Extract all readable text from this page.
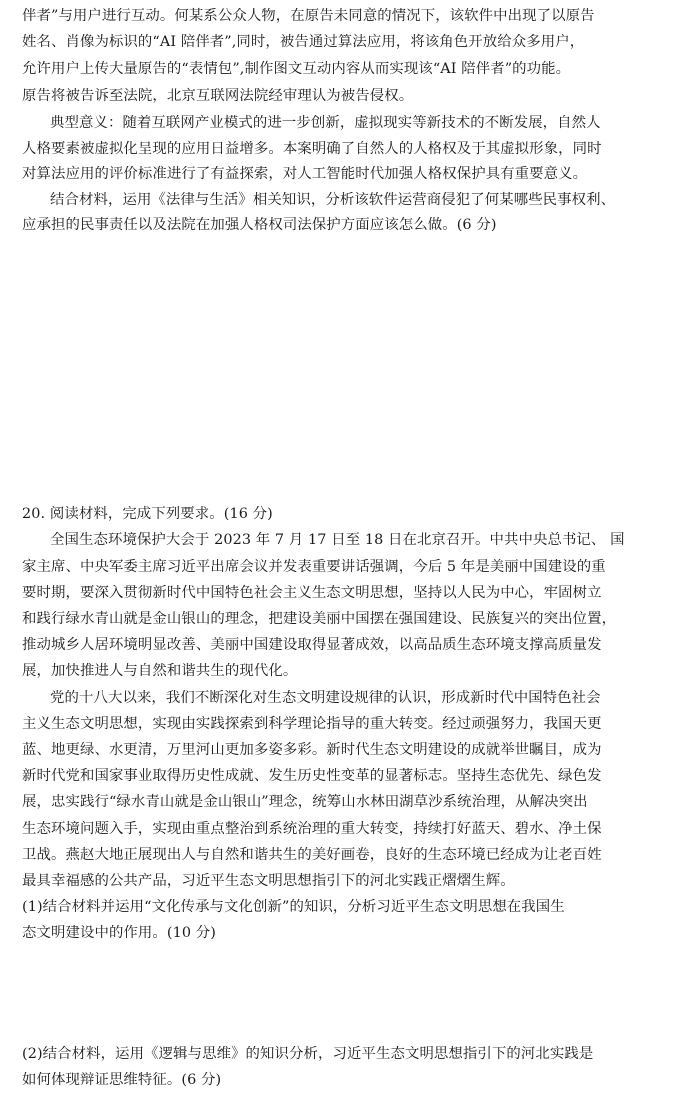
伴者”与用户进行互动。何某系公众人物，在原告未同意的情况下，该软件中出现了以原告
姓名、肖像为标识的“AI 陪伴者”,同时，被告通过算法应用，将该角色开放给众多用户，
允许用户上传大量原告的“表情包”,制作图文互动内容从而实现该“AI 陪伴者”的功能。
原告将被告诉至法院，北京互联网法院经审理认为被告侵权。
典型意义：随着互联网产业模式的进一步创新，虚拟现实等新技术的不断发展，自然人
人格要素被虚拟化呈现的应用日益增多。本案明确了自然人的人格权及于其虚拟形象，同时
对算法应用的评价标准进行了有益探索，对人工智能时代加强人格权保护具有重要意义。
结合材料，运用《法律与生活》相关知识，分析该软件运营商侵犯了何某哪些民事权利、
应承担的民事责任以及法院在加强人格权司法保护方面应该怎么做。(6 分)
20. 阅读材料，完成下列要求。(16 分)
全国生态环境保护大会于 2023 年 7 月 17 日至 18 日在北京召开。中共中央总书记、 国
家主席、中央军委主席习近平出席会议并发表重要讲话强调，今后 5 年是美丽中国建设的重
要时期，要深入贯彻新时代中国特色社会主义生态文明思想，坚持以人民为中心，牢固树立
和践行绿水青山就是金山银山的理念，把建设美丽中国摆在强国建设、民族复兴的突出位置，
推动城乡人居环境明显改善、美丽中国建设取得显著成效，以高品质生态环境支撑高质量发
展，加快推进人与自然和谐共生的现代化。
党的十八大以来，我们不断深化对生态文明建设规律的认识，形成新时代中国特色社会
主义生态文明思想，实现由实践探索到科学理论指导的重大转变。经过顽强努力，我国天更
蓝、地更绿、水更清，万里河山更加多姿多彩。新时代生态文明建设的成就举世瞩目，成为
新时代党和国家事业取得历史性成就、发生历史性变革的显著标志。坚持生态优先、绿色发
展，忠实践行“绿水青山就是金山银山”理念，统筹山水林田湖草沙系统治理，从解决突出
生态环境问题入手，实现由重点整治到系统治理的重大转变，持续打好蓝天、碧水、净土保
卫战。燕赵大地正展现出人与自然和谐共生的美好画卷，良好的生态环境已经成为让老百姓
最具幸福感的公共产品，习近平生态文明思想指引下的河北实践正熠熠生辉。
(1)结合材料并运用“文化传承与文化创新”的知识，分析习近平生态文明思想在我国生
态文明建设中的作用。(10 分)
(2)结合材料，运用《逻辑与思维》的知识分析，习近平生态文明思想指引下的河北实践是
如何体现辩证思维特征。(6 分)
